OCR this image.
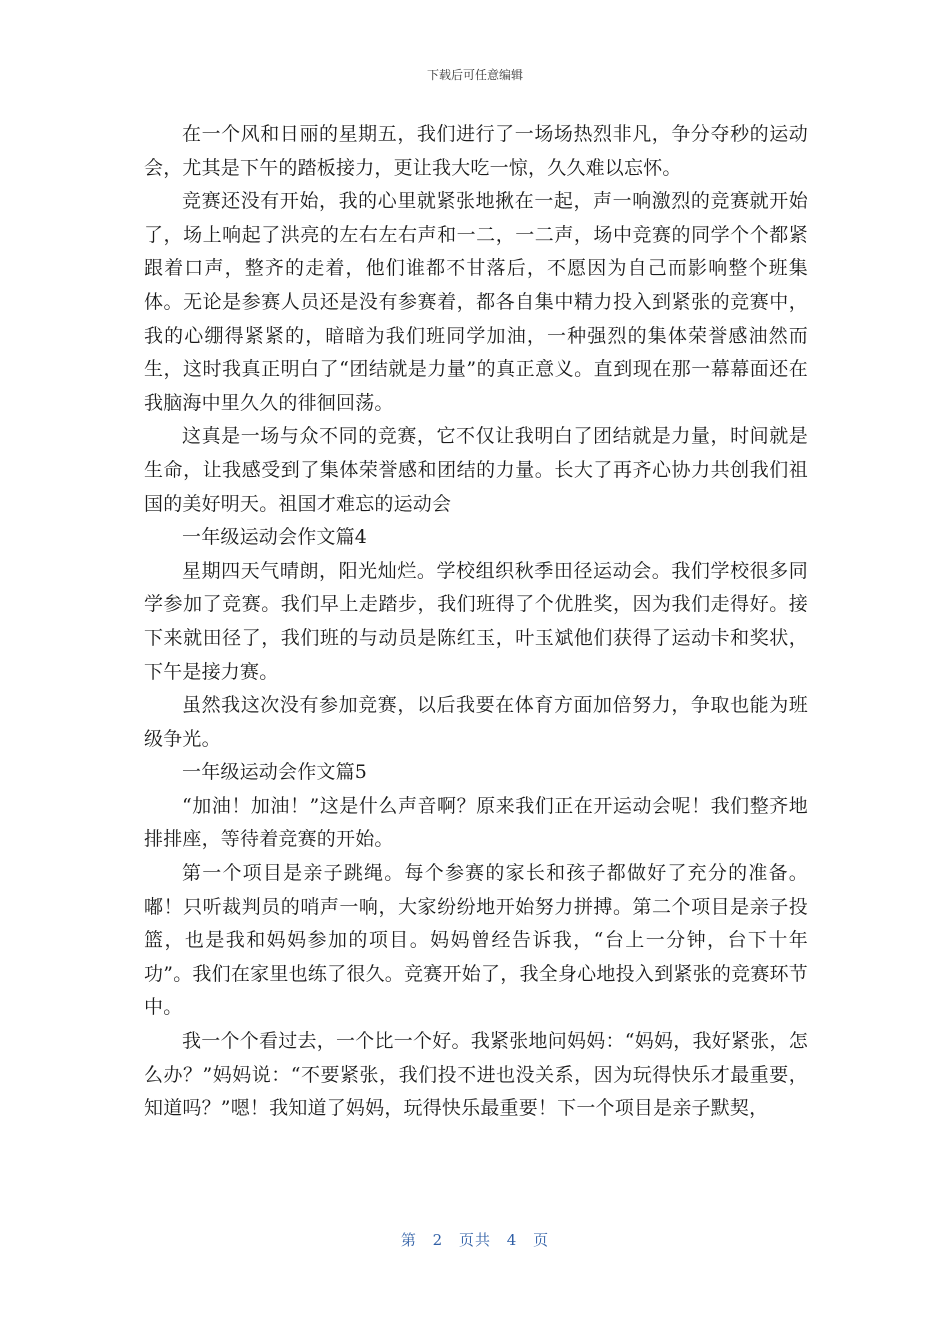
下载后可任意编辑

在一个风和日丽的星期五，我们进行了一场场热烈非凡，争分夺秒的运动会，尤其是下午的踏板接力，更让我大吃一惊，久久难以忘怀。

竞赛还没有开始，我的心里就紧张地揪在一起，声一响激烈的竞赛就开始了，场上响起了洪亮的左右左右声和一二，一二声，场中竞赛的同学个个都紧跟着口声，整齐的走着，他们谁都不甘落后，不愿因为自己而影响整个班集体。无论是参赛人员还是没有参赛着，都各自集中精力投入到紧张的竞赛中，我的心绷得紧紧的，暗暗为我们班同学加油，一种强烈的集体荣誉感油然而生，这时我真正明白了“团结就是力量”的真正意义。直到现在那一幕幕面还在我脑海中里久久的徘徊回荡。

这真是一场与众不同的竞赛，它不仅让我明白了团结就是力量，时间就是生命，让我感受到了集体荣誉感和团结的力量。长大了再齐心协力共创我们祖国的美好明天。祖国才难忘的运动会

一年级运动会作文篇4

星期四天气晴朗，阳光灿烂。学校组织秋季田径运动会。我们学校很多同学参加了竞赛。我们早上走踏步，我们班得了个优胜奖，因为我们走得好。接下来就田径了，我们班的与动员是陈红玉，叶玉斌他们获得了运动卡和奖状，下午是接力赛。

虽然我这次没有参加竞赛，以后我要在体育方面加倍努力，争取也能为班级争光。

一年级运动会作文篇5

“加油！加油！”这是什么声音啊？原来我们正在开运动会呢！我们整齐地排排座，等待着竞赛的开始。

第一个项目是亲子跳绳。每个参赛的家长和孩子都做好了充分的准备。嘟！只听裁判员的哨声一响，大家纷纷地开始努力拼搏。第二个项目是亲子投篮，也是我和妈妈参加的项目。妈妈曾经告诉我，“台上一分钟，台下十年功”。我们在家里也练了很久。竞赛开始了，我全身心地投入到紧张的竞赛环节中。

我一个个看过去，一个比一个好。我紧张地问妈妈：“妈妈，我好紧张，怎么办？”妈妈说：“不要紧张，我们投不进也没关系，因为玩得快乐才最重要，知道吗？”嗯！我知道了妈妈，玩得快乐最重要！下一个项目是亲子默契，

第 2 页共 4 页
